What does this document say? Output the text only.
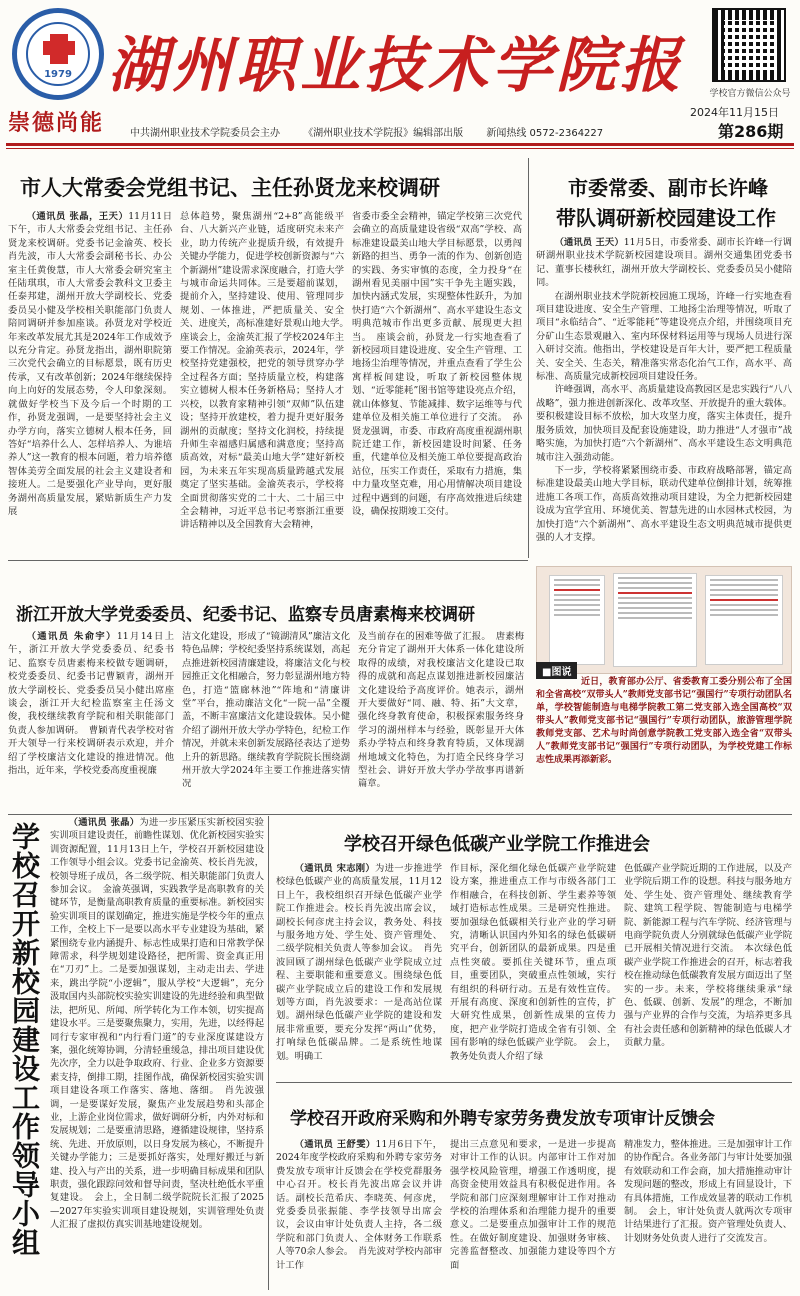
1979
崇德尚能
湖州职业技术学院报	学校官方微信公众号
2024年11月15日
第286期
中共湖州职业技术学院委员会主办 《湖州职业技术学院报》编辑部出版 新闻热线 0572-2364227
市人大常委会党组书记、主任孙贤龙来校调研

（通讯员 张晶，王天）11月11日下午，市人大常委会党组书记、主任孙贤龙来校调研。党委书记金渝英、校长肖先波，市人大常委会副秘书长、办公室主任黄俊慧，市人大常委会研究室主任陆琪琪，市人大常委会教科文卫委主任泰邦建，湖州开放大学副校长、党委委员吴小健及学校相关职能部门负责人陪同调研并参加座谈。孙贤龙对学校近年来改革发展尤其是2024年工作成效予以充分肯定。孙贤龙指出，湖州职院第三次党代会确立的目标愿景，既有历史传承，又有改革创新；2024年继续保持向上向好的发展态势，令人印象深刻。就做好学校当下及今后一个时期的工作，孙贤龙强调，一是要坚持社会主义办学方向，落实立德树人根本任务，回答好“培养什么人、怎样培养人、为谁培养人”这一教育的根本问题，着力培养德智体美劳全面发展的社会主义建设者和接班人。二是要强化产业导向，更好服务湖州高质量发展，紧贴新质生产力发展

总体趋势，聚焦湖州“2+8”高能级平台、八大新兴产业链，适度研究未来产业，助力传统产业提质升级，有效提升关键办学能力，促进学校创新资源与“六个新湖州”建设需求深度融合，打造大学与城市命运共同体。三是要超前谋划，提前介入，坚持建设、使用、管理同步规划、一体推进，严把质量关、安全关、进度关，高标准建好景观山地大学。　座谈会上，金渝英汇报了学校2024年主要工作情况。金渝英表示，2024年，学校坚持党建强校，把党的领导贯穿办学全过程各方面；坚持质量立校，构建落实立德树人根本任务新格局；坚持人才兴校，以教育家精神引领“双师”队伍建设；坚持开放建校，着力提升更好服务湖州的贡献度；坚持文化润校，持续提升师生幸福感归属感和满意度；坚持高质高效，对标“最美山地大学”建好新校园，为未来五年实现高质量跨越式发展奠定了坚实基础。金渝英表示，学校将全面贯彻落实党的二十大、二十届三中全会精神，习近平总书记考察浙江重要讲话精神以及全国教育大会精神，
省委市委全会精神，锚定学校第三次党代会确立的高质量建设省级“双高”学校、高标准建设最美山地大学目标愿景，以勇闯新路的担当、勇争一流的作为、创新创造的实践、务实审慎的态度，全力投身“在湖州看见美丽中国”实干争先主题实践，加快内涵式发展，实现整体性跃升，为加快打造“六个新湖州”、高水平建设生态文明典范城市作出更多贡献、展现更大担当。　座谈会前，孙贤龙一行实地查看了新校园项目建设进度、安全生产管理、工地扬尘治理等情况，并重点查看了学生公寓样板间建设，听取了新校园整体规划、“近零能耗”图书馆等建设亮点介绍，就山体修复、节能减排、数字运维等与代建单位及相关施工单位进行了交流。　孙贤龙强调，市委、市政府高度重视湖州职院迁建工作，新校园建设时间紧、任务重，代建单位及相关施工单位要提高政治站位，压实工作责任，采取有力措施，集中力量攻坚克难，用心用情解决项目建设过程中遇到的问题，有序高效推进后续建设，确保按期竣工交付。
市委常委、副市长许峰
带队调研新校园建设工作

（通讯员 王天）11月5日，市委常委、副市长许峰一行调研湖州职业技术学院新校园建设项目。湖州交通集团党委书记、董事长楼秋红，湖州开放大学副校长、党委委员吴小健陪同。

在湖州职业技术学院新校园施工现场，许峰一行实地查看项目建设进度、安全生产管理、工地扬尘治理等情况，听取了项目“永临结合”、“近零能耗”等建设亮点介绍，并围绕项目充分矿山生态景观融入、室内环保材料运用等与现场人员进行深入研讨交流。他指出，学校建设是百年大计，要严把工程质量关、安全关、生态关，精准落实常态化治气工作，高水平、高标准、高质量完成新校园项目建设任务。

许峰强调，高水平、高质量建设高教园区是忠实践行“八八战略”，强力推进创新深化、改革攻坚、开放提升的重大载体。要积极建设目标不放松，加大攻坚力度，落实主体责任，提升服务质效，加快项目及配套设施建设，助力推进“人才强市”战略实施，为加快打造“六个新湖州”、高水平建设生态文明典范城市注入强劲动能。

下一步，学校将紧紧围绕市委、市政府战略部署，锚定高标准建设最美山地大学目标，联动代建单位倒排计划，统筹推进施工各项工作，高质高效推动项目建设，为全力把新校园建设成为宜学宜用、环境优美、智慧先进的山水园林式校园，为加快打造“六个新湖州”、高水平建设生态文明典范城市提供更强的人才支撑。

浙江开放大学党委委员、纪委书记、监察专员唐素梅来校调研

（通讯员 朱俞宇）11月14日上午，浙江开放大学党委委员、纪委书记、监察专员唐素梅来校做专题调研，校党委委员、纪委书记曹颖青，湖州开放大学副校长、党委委员吴小健出席座谈会，浙江开大纪检监察室主任汤文俊，我校继续教育学院和相关职能部门负责人参加调研。　曹颖青代表学校对省开大领导一行来校调研表示欢迎，并介绍了学校廉洁文化建设的推进情况。他指出，近年来，学校党委高度重视廉

洁文化建设，形成了“镜湖清风”廉洁文化特色品牌；学校纪委坚持系统谋划，高起点推进新校园清廉建设，将廉洁文化与校园推正文化相融合，努力彰显湖州地方特色，打造“篮廊林池”“阵地和“清廉讲堂”平台，推动廉洁文化“一院一品”全覆盖，不断丰富廉洁文化建设载体。吴小健介绍了湖州开放大学办学特色，纪检工作情况，并就未来创新发展路径表达了逆势上升的新思路。继续教育学院院长围绕湖州开放大学2024年主要工作推进落实情况
及当前存在的困难等做了汇报。　唐素梅充分肯定了湖州开大体系一体化建设所取得的成绩，对我校廉洁文化建设已取得的成就和高起点谋划推进新校园廉洁文化建设给予高度评价。她表示，湖州开大要做好“同、融、特、拓”大文章，强化终身教育使命，积极探索服务终身学习的湖州样本与经验，既彰显开大体系办学特点和终身教育特质，又体现湖州地域文化特色，为打造全民终身学习型社会、讲好开放大学办学故事再谱新篇章。
■图说

近日，教育部办公厅、省委教育工委分别公布了全国和全省高校“双带头人”教师党支部书记“强国行”专项行动团队名单，学校智能制造与电梯学院教工第二党支部入选全国高校“双带头人”教师党支部书记“强国行”专项行动团队，旅游管理学院教师党支部、艺术与时尚创意学院教工党支部入选全省“双带头人”教师党支部书记“强国行”专项行动团队，为学校党建工作标志性成果再添新彩。

学校召开新校园建设工作领导小组

（通讯员 张晶）为进一步压紧压实新校园实验实训项目建设责任，前瞻性谋划、优化新校园实验实训资源配置，11月13日上午，学校召开新校园建设工作领导小组会议。党委书记金渝英、校长肖先波，校领导班子成员，各二级学院、相关职能部门负责人参加会议。　金渝英强调，实践教学是高职教育的关键环节，是衡量高职教育质量的重要标准。新校园实验实训项目的谋划确定，推进实施是学校今年的重点工作，全校上下一是要以高水平专业建设为基础，紧紧围绕专业内涵提升、标志性成果打造和日常教学保障需求，科学规划建设路径，把所需、资金真正用在“刀刃”上。二是要加强谋划，主动走出去、学进来，跳出学院“小逻辑”，服从学校“大逻辑”，充分汲取国内头部院校实验实训建设的先进经验和典型做法，把所见、所闻、所学转化为工作本领，切实提高建设水平。三是要聚焦聚力，实用，先进，以经得起同行专家审视和“内行看门道”的专业深度谋建设方案，强化统筹协调，分清轻重缓急，排出项目建设优先次序，全力以赴争取政府、行业、企业多方资源要素支持，倒排工期，挂图作战，确保新校园实验实训项目建设各项工作落实、落地、落细。　肖先波强调，一是要谋好发展，聚焦产业发展趋势和头部企业，上游企业岗位需求，做好调研分析，内外对标和发展规划；二是要重清思路，遵循建设规律，坚持系统、先进、开放原则，以日身发展为核心，不断提升关键办学能力；三是要抓好落实，处理好搬迁与新建、投入与产出的关系，进一步明确目标成果和团队职责，强化跟踪问效和督导问责，坚决杜绝低水平重复建设。　会上，全日制二级学院院长汇报了2025—2027年实验实训项目建设规划，实训管理处负责人汇报了虚拟仿真实训基地建设规划。

学校召开绿色低碳产业学院工作推进会

（通讯员 宋志刚）为进一步推进学校绿色低碳产业的高质量发展，11月12日上午，我校组织召开绿色低碳产业学院工作推进会。校长肖先波出席会议，副校长何彦虎主持会议，教务处、科技与服务地方处、学生处、资产管理处、二级学院相关负责人等参加会议。　肖先波回顾了湖州绿色低碳产业学院成立过程、主要职能和重要意义。围绕绿色低碳产业学院成立后的建设工作和发展规划等方面，肖先波要求：一是高站位谋划。湖州绿色低碳产业学院的建设和发展非常重要，要充分发挥“两山”优势，打响绿色低碳品牌。二是系统性地谋划。明确工

作目标，深化细化绿色低碳产业学院建设方案，推进重点工作与市级各部门工作相融合，在科技创新、学生素养等领域打造标志性成果。三是研究性推进。要加强绿色低碳相关行业产业的学习研究，清晰认识国内外知名的绿色低碳研究平台，创新团队的最新成果。四是重点性突破。要抓住关键环节，重点项目，重要团队，突破重点性领域，实行有组织的科研行动。五是有效性宣传。开展有高度、深度和创新性的宣传，扩大研究性成果，创新性成果的宣传力度，把产业学院打造成全省有引领、全国有影响的绿色低碳产业学院。　会上，教务处负责人介绍了绿
色低碳产业学院近期的工作进展，以及产业学院后期工作的设想。科技与服务地方处、学生处、资产管理处、继续教育学院、建筑工程学院、智能制造与电梯学院、新能源工程与汽车学院、经济管理与电商学院负责人分别就绿色低碳产业学院已开展相关情况进行交流。　本次绿色低碳产业学院工作推进会的召开，标志着我校在推动绿色低碳教育发展方面迈出了坚实的一步。未来，学校将继续秉承“绿色、低碳、创新、发展”的理念，不断加强与产业界的合作与交流，为培养更多具有社会责任感和创新精神的绿色低碳人才贡献力量。
学校召开政府采购和外聘专家劳务费发放专项审计反馈会

（通讯员 王舒雯）11月6日下午，2024年度学校政府采购和外聘专家劳务费发放专项审计反馈会在学校党群服务中心召开。校长肖先波出席会议并讲话。副校长范希庆、李晓英、何彦虎，党委委员张振能、李学技领导出席会议，会议由审计处负责人主持，各二级学院和部门负责人、全体财务工作联系人等70余人参会。　肖先波对学校内部审计工作

提出三点意见和要求，一是进一步提高对审计工作的认识。内部审计工作对加强学校风险管理，增强工作透明度，提高资金使用效益具有积极促进作用。各学院和部门应深刻理解审计工作对推动学校的治理体系和治理能力提升的重要意义。二是要重点加强审计工作的规范性。在做好制度建设、加强财务审核、完善监督整改、加强能力建设等四个方面
精准发力，整体推进。三是加强审计工作的协作配合。各业务部门与审计处要加强有效联动和工作会商，加大措施推动审计发现问题的整改，形成上有回显设计，下有具体措施，工作成效显著的联动工作机制。　会上，审计处负责人就两次专项审计结果进行了汇报。资产管理处负责人、计划财务处负责人进行了交流发言。
